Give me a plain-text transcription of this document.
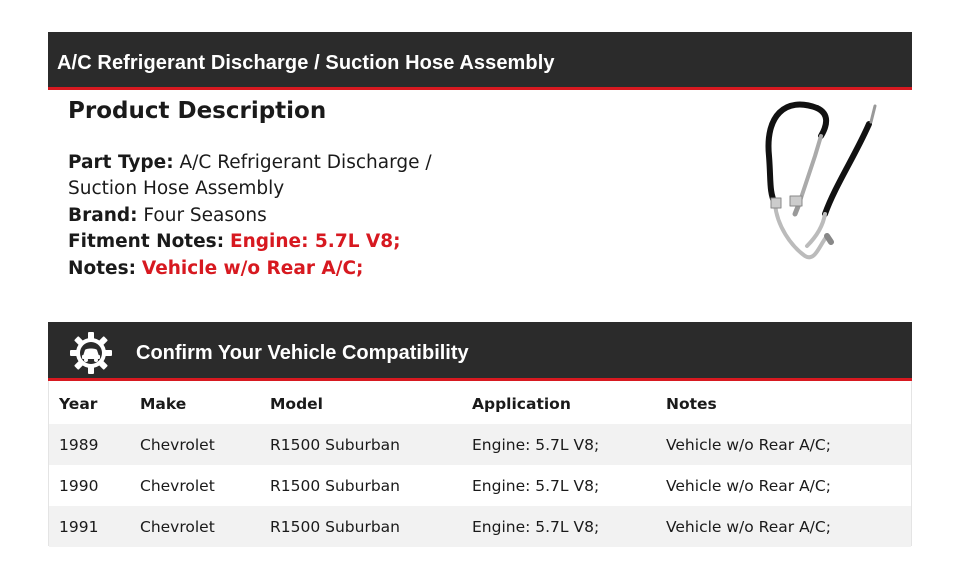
A/C Refrigerant Discharge / Suction Hose Assembly
Product Description
Part Type: A/C Refrigerant Discharge / Suction Hose Assembly
Brand: Four Seasons
Fitment Notes: Engine: 5.7L V8;
Notes: Vehicle w/o Rear A/C;
Confirm Your Vehicle Compatibility
Year	Make	Model	Application	Notes
1989	Chevrolet	R1500 Suburban	Engine: 5.7L V8;	Vehicle w/o Rear A/C;
1990	Chevrolet	R1500 Suburban	Engine: 5.7L V8;	Vehicle w/o Rear A/C;
1991	Chevrolet	R1500 Suburban	Engine: 5.7L V8;	Vehicle w/o Rear A/C;
